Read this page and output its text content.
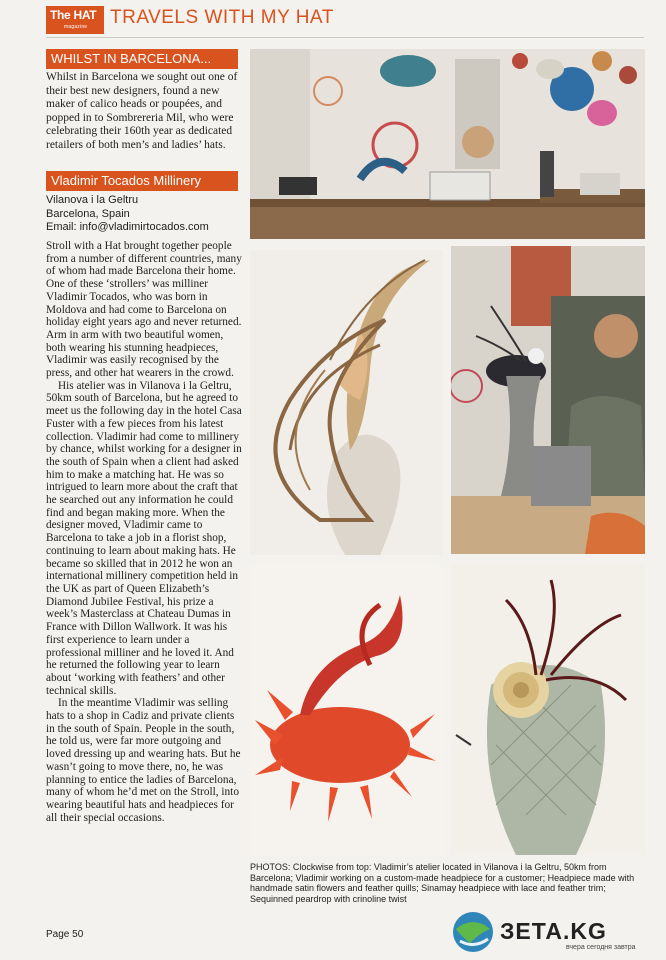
The HAT
magazine TRAVELS WITH MY HAT
WHILST IN BARCELONA...
Whilst in Barcelona we sought out one of their best new designers, found a new maker of calico heads or poupées, and popped in to Sombrereria Mil, who were celebrating their 160th year as dedicated retailers of both men’s and ladies’ hats.
Vladimir Tocados Millinery
Vilanova i la Geltru
Barcelona, Spain
Email: info@vladimirtocados.com

Stroll with a Hat brought together people from a number of different countries, many of whom had made Barcelona their home. One of these ‘strollers’ was milliner Vladimir Tocados, who was born in Moldova and had come to Barcelona on holiday eight years ago and never returned. Arm in arm with two beautiful women, both wearing his stunning headpieces, Vladimir was easily recognised by the press, and other hat wearers in the crowd.

His atelier was in Vilanova i la Geltru, 50km south of Barcelona, but he agreed to meet us the following day in the hotel Casa Fuster with a few pieces from his latest collection. Vladimir had come to millinery by chance, whilst working for a designer in the south of Spain when a client had asked him to make a matching hat. He was so intrigued to learn more about the craft that he searched out any information he could find and began making more. When the designer moved, Vladimir came to Barcelona to take a job in a florist shop, continuing to learn about making hats. He became so skilled that in 2012 he won an international millinery competition held in the UK as part of Queen Elizabeth’s Diamond Jubilee Festival, his prize a week’s Masterclass at Chateau Dumas in France with Dillon Wallwork. It was his first experience to learn under a professional milliner and he loved it. And he returned the following year to learn about ‘working with feathers’ and other technical skills.

In the meantime Vladimir was selling hats to a shop in Cadiz and private clients in the south of Spain. People in the south, he told us, were far more outgoing and loved dressing up and wearing hats. But he wasn’t going to move there, no, he was planning to entice the ladies of Barcelona, many of whom he’d met on the Stroll, into wearing beautiful hats and headpieces for all their special occasions.

PHOTOS: Clockwise from top: Vladimir’s atelier located in Vilanova i la Geltru, 50km from Barcelona; Vladimir working on a custom-made headpiece for a customer; Headpiece made with handmade satin flowers and feather quills; Sinamay headpiece with lace and feather trim; Sequinned peardrop with crinoline twist
Page 50	ЗЕТА.KG
вчера сегодня завтра
